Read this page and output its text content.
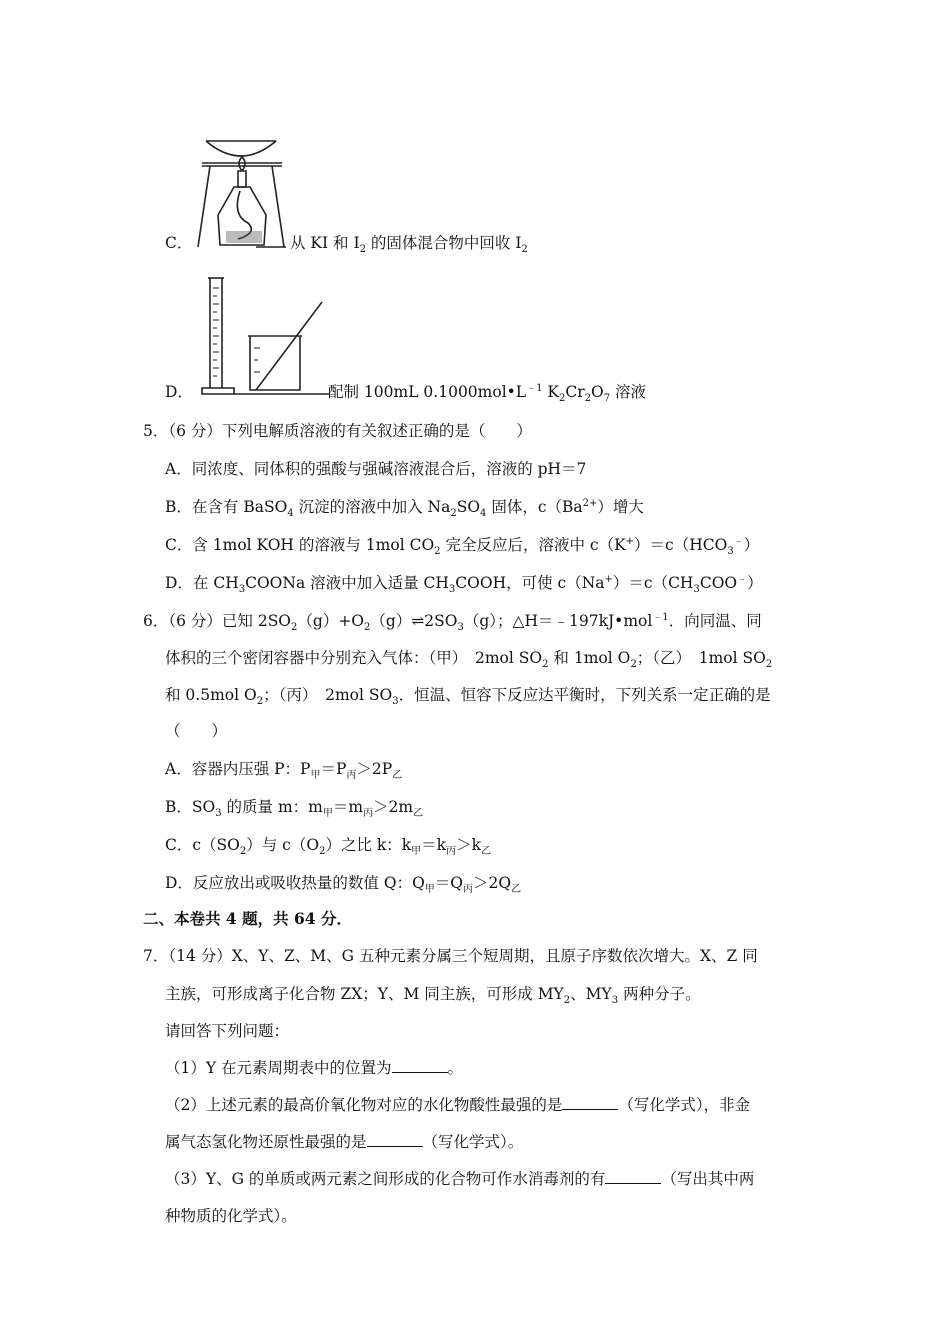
C．	从 KI 和 $I_2$ 的固体混合物中回收 $I_2$
D．	配制 100mL $0.1000mol•L^{﹣1}$ $K_2Cr_2O_7$ 溶液
5．（6 分）下列电解质溶液的有关叙述正确的是（　　）
A．同浓度、同体积的强酸与强碱溶液混合后，溶液的 pH＝7
B．在含有 BaSO$_4$ 沉淀的溶液中加入 $Na_2SO_4$ 固体，$c(Ba^{2+})$增大
C．含 1mol KOH 的溶液与 1mol $CO_2$ 完全反应后，溶液中 $c(K^+)=c(HCO_3^﹣)$
D．在 $CH_3COONa$ 溶液中加入适量 $CH_3COOH$，可使 $c(Na^+)=c(CH_3COO^﹣)$
6．（6 分）已知 $2SO_2(g)+O_2(g)\rightleftharpoons 2SO_3(g)$；△H＝﹣197kJ•mol$^{﹣1}$．向同温、同
体积的三个密闭容器中分别充入气体：（甲）　2mol $SO_2$ 和 1mol $O_2$；（乙）　1mol $SO_2$
和 0.5mol $O_2$；（丙）　2mol $SO_3$．恒温、恒容下反应达平衡时，下列关系一定正确的是
（　　）
A．容器内压强 P：$P_甲=P_丙>2P_乙$
B．$SO_3$ 的质量 m：$m_甲=m_丙>2m_乙$
C．$c(SO_2)$与 $c(O_2)$之比 k：$k_甲=k_丙>k_乙$
D．反应放出或吸收热量的数值 Q：$Q_甲=Q_丙>2Q_乙$
二、本卷共 4 题，共 64 分．
7．（14 分）X、Y、Z、M、G 五种元素分属三个短周期，且原子序数依次增大。X、Z 同
主族，可形成离子化合物 ZX；Y、M 同主族，可形成 $MY_2$、$MY_3$ 两种分子。
请回答下列问题：
（1）Y 在元素周期表中的位置为	。
（2）上述元素的最高价氧化物对应的水化物酸性最强的是	（写化学式），非金
属气态氢化物还原性最强的是	（写化学式）。
（3）Y、G 的单质或两元素之间形成的化合物可作水消毒剂的有	（写出其中两
种物质的化学式）。
